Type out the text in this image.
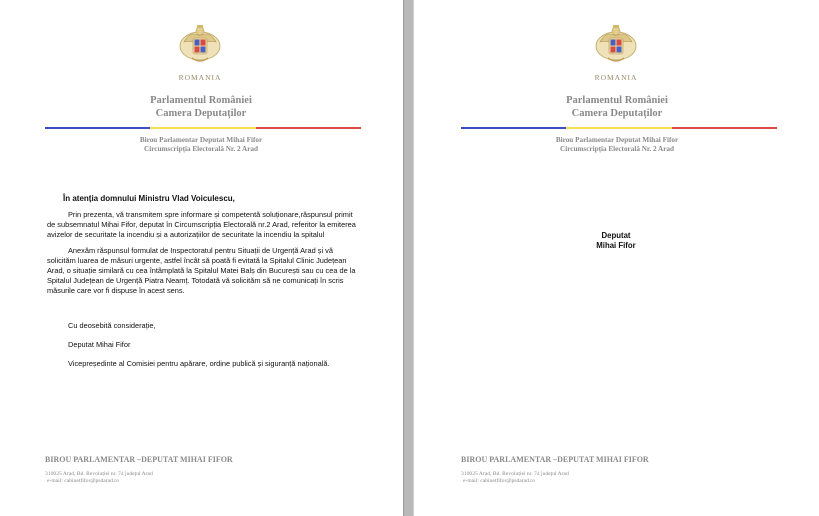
ROMANIA
Parlamentul României
Camera Deputaților
Birou Parlamentar Deputat Mihai Fifor
Circumscripția Electorală Nr. 2 Arad

În atenția domnului Ministru Vlad Voiculescu,

Prin prezenta, vă transmitem spre informare și competentă soluționare,răspunsul primit de subsemnatul Mihai Fifor, deputat în Circumscripția Electorală nr.2 Arad, referitor la emiterea avizelor de securitate la incendiu și a autorizațiilor de securitate la incendiu la spitalul

Anexăm răspunsul formulat de Inspectoratul pentru Situații de Urgență Arad și vă solicităm luarea de măsuri urgente, astfel încât să poată fi evitată la Spitalul Clinic Județean Arad, o situație similară cu cea întâmplată la Spitalul Matei Balș din București sau cu cea de la Spitalul Județean de Urgență Piatra Neamț. Totodată vă solicităm să ne comunicați în scris măsurile care vor fi dispuse în acest sens.

Cu deosebită considerație,

Deputat Mihai Fifor

Vicepreședinte al Comisiei pentru apărare, ordine publică și siguranță națională.

BIROU PARLAMENTAR –DEPUTAT MIHAI FIFOR
310025 Arad, Bd. Revoluției nr. 74 județul Arad
e-mail: cabinetfifor@psdarad.ro
ROMANIA
Parlamentul României
Camera Deputaților
Birou Parlamentar Deputat Mihai Fifor
Circumscripția Electorală Nr. 2 Arad
Deputat
Mihai Fifor
BIROU PARLAMENTAR –DEPUTAT MIHAI FIFOR
310025 Arad, Bd. Revoluției nr. 74 județul Arad
e-mail: cabinetfifor@psdarad.ro
